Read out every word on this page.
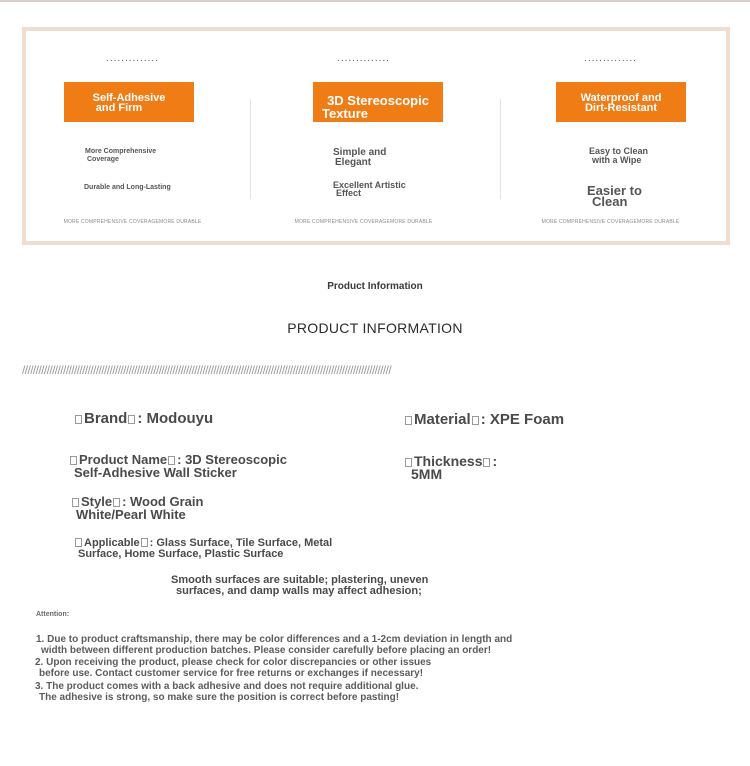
..............
Self-Adhesive
and Firm
More Comprehensive
Coverage
Durable and Long-Lasting
MORE COMPREHENSIVE COVERAGEMORE DURABLE
..............
3D Stereoscopic
Texture
Simple and
Elegant
Excellent Artistic
Effect
MORE COMPREHENSIVE COVERAGEMORE DURABLE
..............
Waterproof and
Dirt-Resistant
Easy to Clean
with a Wipe
Easier to
Clean
MORE COMPREHENSIVE COVERAGEMORE DURABLE
Product Information
PRODUCT INFORMATION
///////////////////////////////////////////////////////////////////////////////////////////////////////////////////////////////////////
Brand : Modouyu	Material : XPE Foam
Product Name : 3D Stereoscopic
Self-Adhesive Wall Sticker
Thickness :
5MM
Style : Wood Grain
White/Pearl White
Applicable : Glass Surface, Tile Surface, Metal
Surface, Home Surface, Plastic Surface
Smooth surfaces are suitable; plastering, uneven
surfaces, and damp walls may affect adhesion;
Attention:
1. Due to product craftsmanship, there may be color differences and a 1-2cm deviation in length and
width between different production batches. Please consider carefully before placing an order!
2. Upon receiving the product, please check for color discrepancies or other issues
before use. Contact customer service for free returns or exchanges if necessary!
3. The product comes with a back adhesive and does not require additional glue.
The adhesive is strong, so make sure the position is correct before pasting!
